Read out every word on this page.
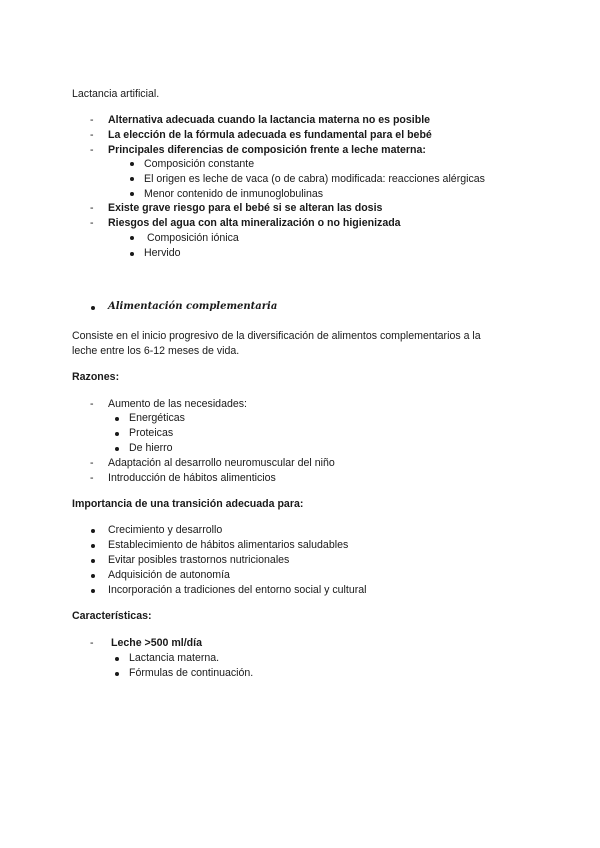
Lactancia artificial.
- Alternativa adecuada cuando la lactancia materna no es posible
- La elección de la fórmula adecuada es fundamental para el bebé
- Principales diferencias de composición frente a leche materna:
Composición constante
El origen es leche de vaca (o de cabra) modificada: reacciones alérgicas
Menor contenido de inmunoglobulinas
- Existe grave riesgo para el bebé si se alteran las dosis
- Riesgos del agua con alta mineralización o no higienizada
Composición iónica
Hervido
Alimentación complementaria
Consiste en el inicio progresivo de la diversificación de alimentos complementarios a la
leche entre los 6-12 meses de vida.
Razones:
- Aumento de las necesidades:
Energéticas
Proteicas
De hierro
- Adaptación al desarrollo neuromuscular del niño
- Introducción de hábitos alimenticios
Importancia de una transición adecuada para:
Crecimiento y desarrollo
Establecimiento de hábitos alimentarios saludables
Evitar posibles trastornos nutricionales
Adquisición de autonomía
Incorporación a tradiciones del entorno social y cultural
Características:
- Leche >500 ml/día
Lactancia materna.
Fórmulas de continuación.
